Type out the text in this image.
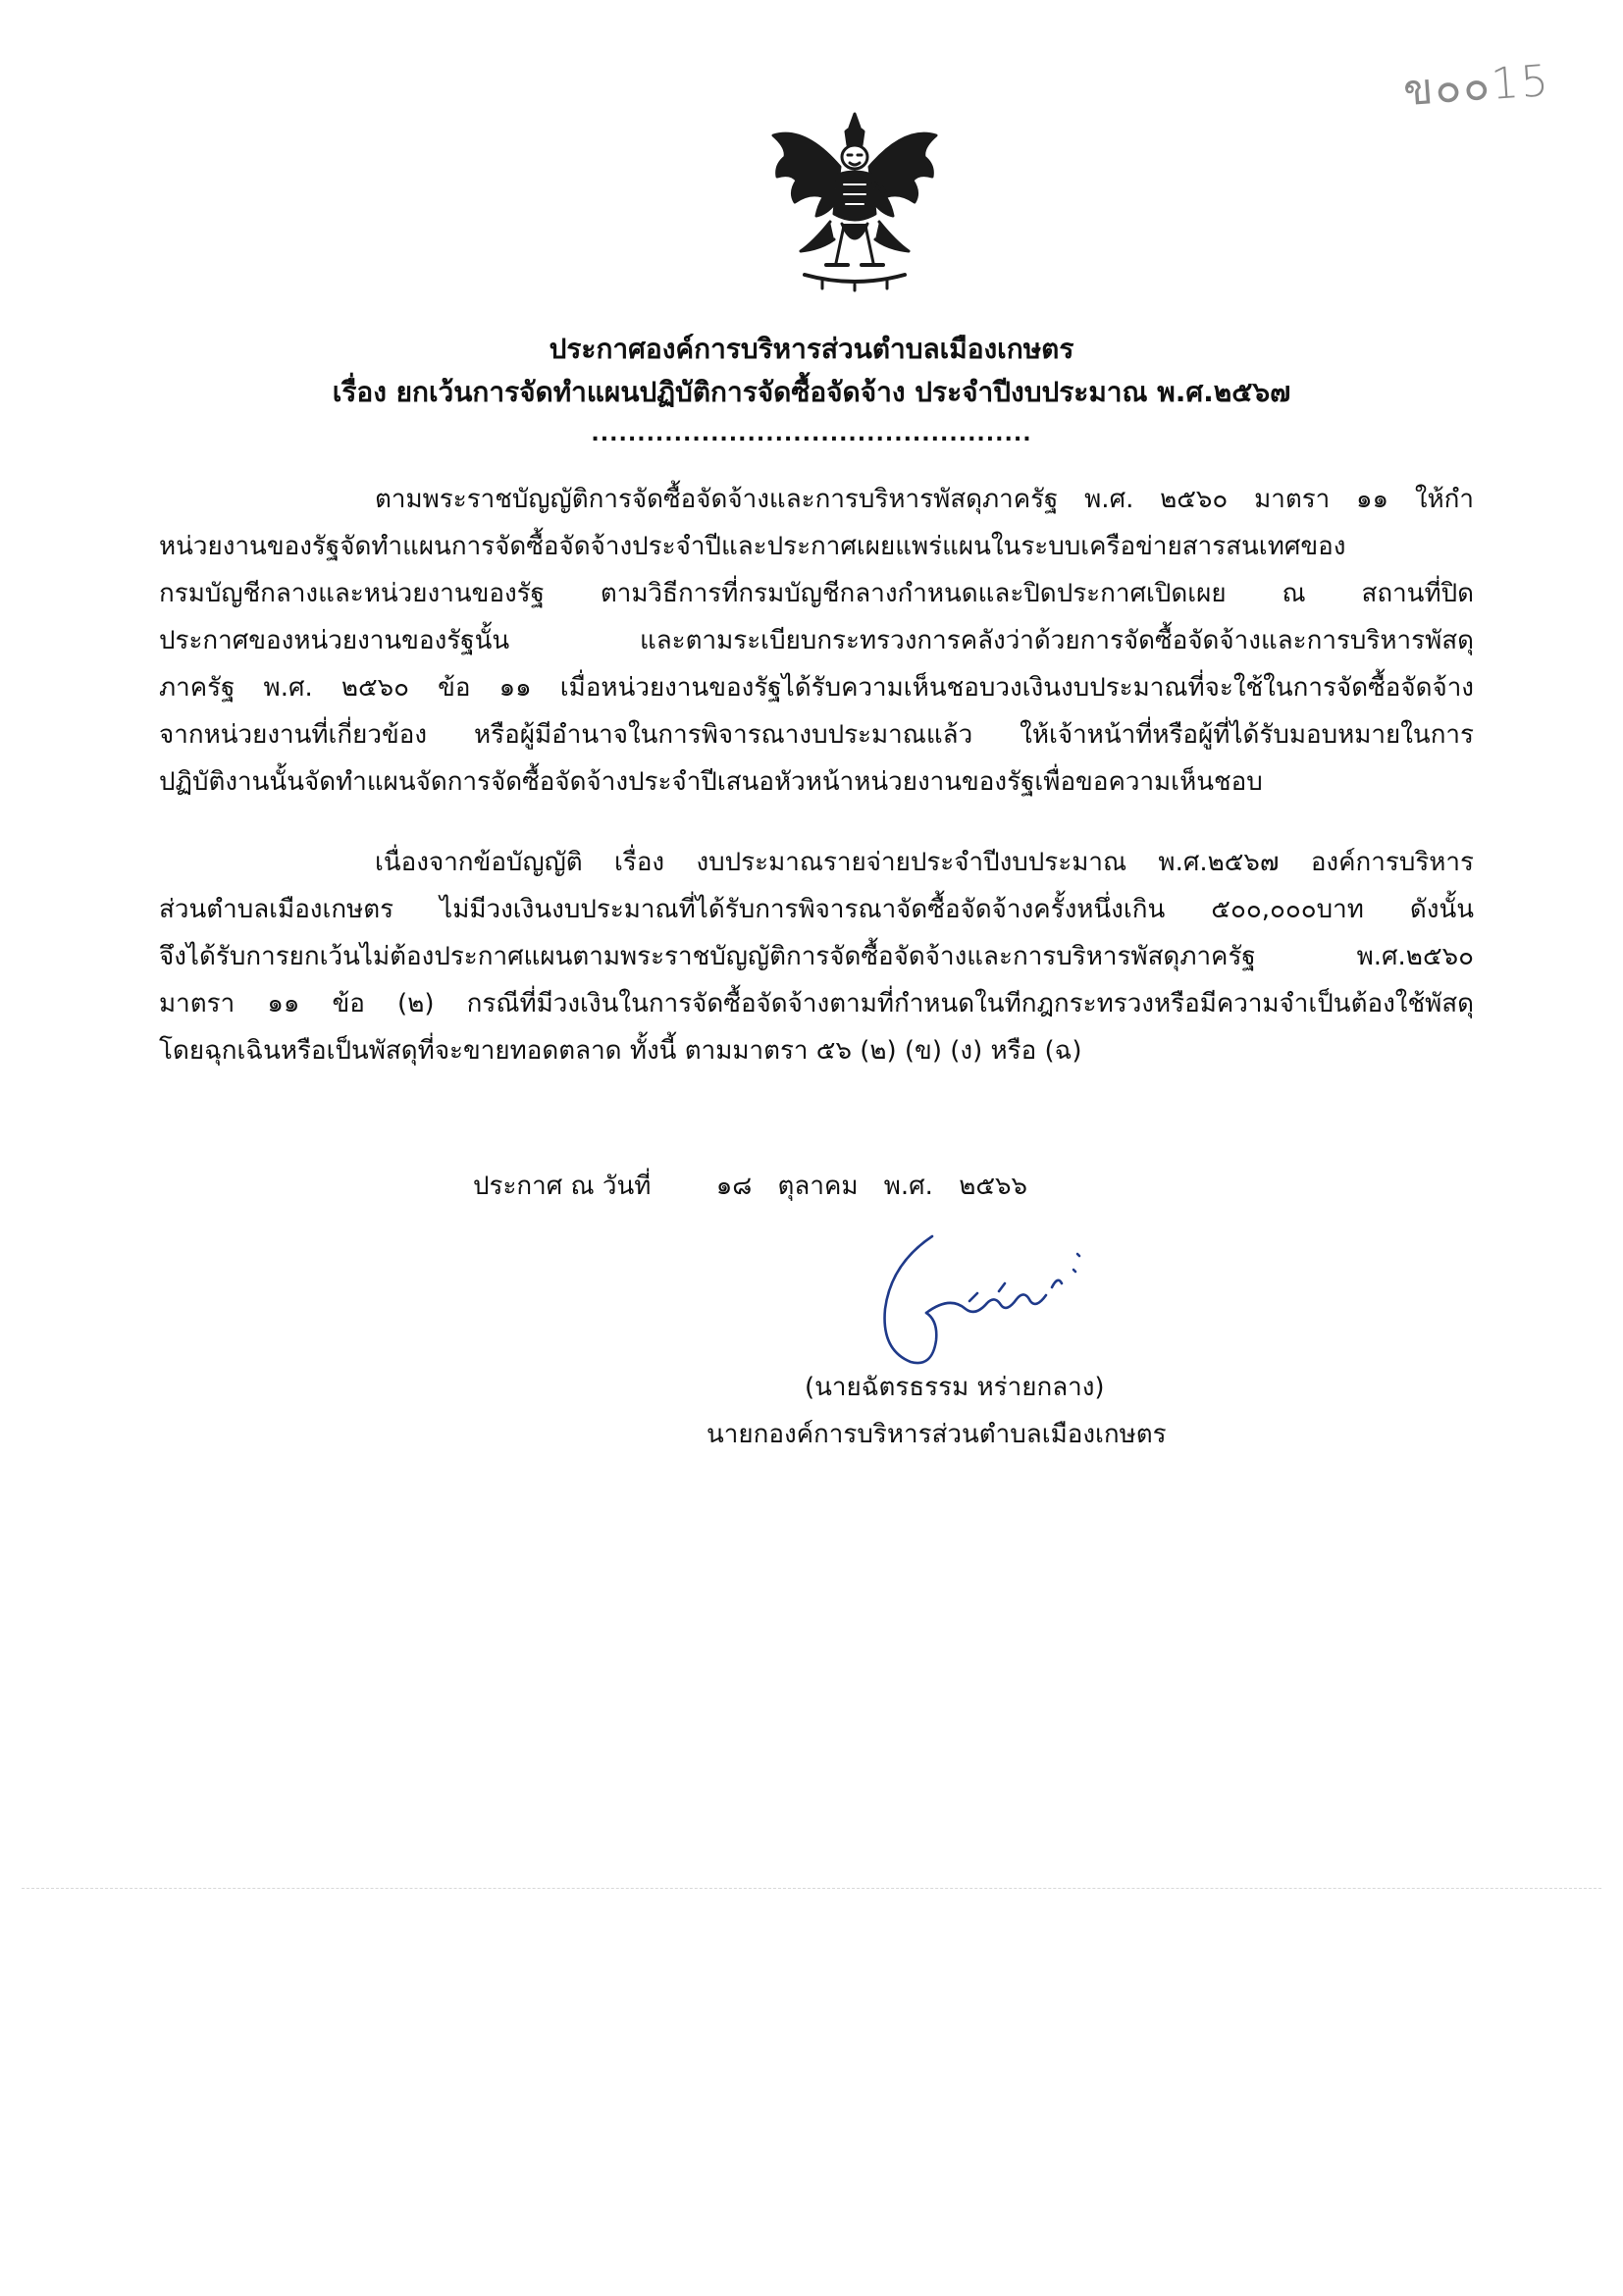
ข๐๐15
ประกาศองค์การบริหารส่วนตำบลเมืองเกษตร
เรื่อง ยกเว้นการจัดทำแผนปฏิบัติการจัดซื้อจัดจ้าง ประจำปีงบประมาณ พ.ศ.๒๕๖๗
................................................
ตามพระราชบัญญัติการจัดซื้อจัดจ้างและการบริหารพัสดุภาครัฐ พ.ศ. ๒๕๖๐ มาตรา ๑๑ ให้กำ
หน่วยงานของรัฐจัดทำแผนการจัดซื้อจัดจ้างประจำปีและประกาศเผยแพร่แผนในระบบเครือข่ายสารสนเทศของ
กรมบัญชีกลางและหน่วยงานของรัฐ ตามวิธีการที่กรมบัญชีกลางกำหนดและปิดประกาศเปิดเผย ณ สถานที่ปิด
ประกาศของหน่วยงานของรัฐนั้น และตามระเบียบกระทรวงการคลังว่าด้วยการจัดซื้อจัดจ้างและการบริหารพัสดุ
ภาครัฐ พ.ศ. ๒๕๖๐ ข้อ ๑๑ เมื่อหน่วยงานของรัฐได้รับความเห็นชอบวงเงินงบประมาณที่จะใช้ในการจัดซื้อจัดจ้าง
จากหน่วยงานที่เกี่ยวข้อง หรือผู้มีอำนาจในการพิจารณางบประมาณแล้ว ให้เจ้าหน้าที่หรือผู้ที่ได้รับมอบหมายในการ
ปฏิบัติงานนั้นจัดทำแผนจัดการจัดซื้อจัดจ้างประจำปีเสนอหัวหน้าหน่วยงานของรัฐเพื่อขอความเห็นชอบ
เนื่องจากข้อบัญญัติ เรื่อง งบประมาณรายจ่ายประจำปีงบประมาณ พ.ศ.๒๕๖๗ องค์การบริหาร
ส่วนตำบลเมืองเกษตร ไม่มีวงเงินงบประมาณที่ได้รับการพิจารณาจัดซื้อจัดจ้างครั้งหนึ่งเกิน ๕๐๐,๐๐๐บาท ดังนั้น
จึงได้รับการยกเว้นไม่ต้องประกาศแผนตามพระราชบัญญัติการจัดซื้อจัดจ้างและการบริหารพัสดุภาครัฐ พ.ศ.๒๕๖๐
มาตรา ๑๑ ข้อ (๒) กรณีที่มีวงเงินในการจัดซื้อจัดจ้างตามที่กำหนดในทีกฎกระทรวงหรือมีความจำเป็นต้องใช้พัสดุ
โดยฉุกเฉินหรือเป็นพัสดุที่จะขายทอดตลาด ทั้งนี้ ตามมาตรา ๕๖ (๒) (ข) (ง) หรือ (ฉ)
ประกาศ ณ วันที่	๑๘ ตุลาคม พ.ศ. ๒๕๖๖
(นายฉัตรธรรม หร่ายกลาง)
นายกองค์การบริหารส่วนตำบลเมืองเกษตร
